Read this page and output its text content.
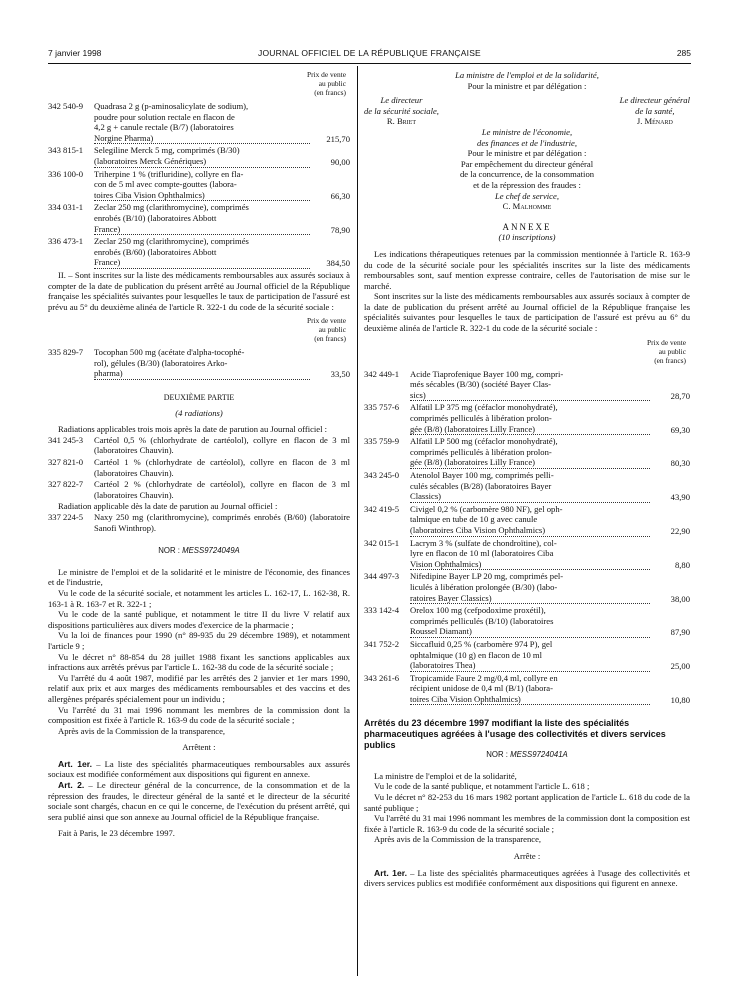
7 janvier 1998	JOURNAL OFFICIEL DE LA RÉPUBLIQUE FRANÇAISE	285
Prix de vente
au public
(en francs)
342 540-9	Quadrasa 2 g (p-aminosalicylate de sodium),
poudre pour solution rectale en flacon de
4,2 g + canule rectale (B/7) (laboratoires
Norgine Pharma)	215,70
343 815-1	Selegiline Merck 5 mg, comprimés (B/30)
(laboratoires Merck Génériques)	90,00
336 100-0	Triherpine 1 % (trifluridine), collyre en fla-
con de 5 ml avec compte-gouttes (labora-
toires Ciba Vision Ophthalmics)	66,30
334 031-1	Zeclar 250 mg (clarithromycine), comprimés
enrobés (B/10) (laboratoires Abbott
France)	78,90
336 473-1	Zeclar 250 mg (clarithromycine), comprimés
enrobés (B/60) (laboratoires Abbott
France)	384,50

II. – Sont inscrites sur la liste des médicaments remboursables aux assurés sociaux à compter de la date de publication du présent arrêté au Journal officiel de la République française les spécialités suivantes pour lesquelles le taux de participation de l'assuré est prévu au 5° du deuxième alinéa de l'article R. 322-1 du code de la sécurité sociale :

Prix de vente
au public
(en francs)
335 829-7	Tocophan 500 mg (acétate d'alpha-tocophé-
rol), gélules (B/30) (laboratoires Arko-
pharma)	33,50

DEUXIÈME PARTIE

(4 radiations)

Radiations applicables trois mois après la date de parution au Journal officiel :

341 245-3	Cartéol 0,5 % (chlorhydrate de cartéolol), collyre en flacon de 3 ml (laboratoires Chauvin).
327 821-0	Cartéol 1 % (chlorhydrate de cartéolol), collyre en flacon de 3 ml (laboratoires Chauvin).
327 822-7	Cartéol 2 % (chlorhydrate de cartéolol), collyre en flacon de 3 ml (laboratoires Chauvin).

Radiation applicable dès la date de parution au Journal officiel :

337 224-5	Naxy 250 mg (clarithromycine), comprimés enrobés (B/60) (laboratoire Sanofi Winthrop).

NOR : MESS9724049A

Le ministre de l'emploi et de la solidarité et le ministre de l'économie, des finances et de l'industrie,

Vu le code de la sécurité sociale, et notamment les articles L. 162-17, L. 162-38, R. 163-1 à R. 163-7 et R. 322-1 ;

Vu le code de la santé publique, et notamment le titre II du livre V relatif aux dispositions particulières aux divers modes d'exercice de la pharmacie ;

Vu la loi de finances pour 1990 (n° 89-935 du 29 décembre 1989), et notamment l'article 9 ;

Vu le décret n° 88-854 du 28 juillet 1988 fixant les sanctions applicables aux infractions aux arrêtés prévus par l'article L. 162-38 du code de la sécurité sociale ;

Vu l'arrêté du 4 août 1987, modifié par les arrêtés des 2 janvier et 1er mars 1990, relatif aux prix et aux marges des médicaments remboursables et des vaccins et des allergènes préparés spécialement pour un individu ;

Vu l'arrêté du 31 mai 1996 nommant les membres de la commission dont la composition est fixée à l'article R. 163-9 du code de la sécurité sociale ;

Après avis de la Commission de la transparence,

Arrêtent :

Art. 1er. – La liste des spécialités pharmaceutiques remboursables aux assurés sociaux est modifiée conformément aux dispositions qui figurent en annexe.

Art. 2. – Le directeur général de la concurrence, de la consommation et de la répression des fraudes, le directeur général de la santé et le directeur de la sécurité sociale sont chargés, chacun en ce qui le concerne, de l'exécution du présent arrêté, qui sera publié ainsi que son annexe au Journal officiel de la République française.

Fait à Paris, le 23 décembre 1997.

La ministre de l'emploi et de la solidarité,

Pour la ministre et par délégation :

Le directeur
de la sécurité sociale,
R. Briet
Le directeur général
de la santé,
J. Ménard
Le ministre de l'économie,
des finances et de l'industrie,
Pour le ministre et par délégation :
Par empêchement du directeur général
de la concurrence, de la consommation
et de la répression des fraudes :
Le chef de service,
C. Malhomme

ANNEXE

(10 inscriptions)

Les indications thérapeutiques retenues par la commission mentionnée à l'article R. 163-9 du code de la sécurité sociale pour les spécialités inscrites sur la liste des médicaments remboursables sont, sauf mention expresse contraire, celles de l'autorisation de mise sur le marché.

Sont inscrites sur la liste des médicaments remboursables aux assurés sociaux à compter de la date de publication du présent arrêté au Journal officiel de la République française les spécialités suivantes pour lesquelles le taux de participation de l'assuré est prévu au 6° du deuxième alinéa de l'article R. 322-1 du code de la sécurité sociale :

Prix de vente
au public
(en francs)
342 449-1	Acide Tiaprofenique Bayer 100 mg, compri-
més sécables (B/30) (société Bayer Clas-
sics)	28,70
335 757-6	Alfatil LP 375 mg (céfaclor monohydraté),
comprimés pelliculés à libération prolon-
gée (B/8) (laboratoires Lilly France)	69,30
335 759-9	Alfatil LP 500 mg (céfaclor monohydraté),
comprimés pelliculés à libération prolon-
gée (B/8) (laboratoires Lilly France)	80,30
343 245-0	Atenolol Bayer 100 mg, comprimés pelli-
culés sécables (B/28) (laboratoires Bayer
Classics)	43,90
342 419-5	Civigel 0,2 % (carbomère 980 NF), gel oph-
talmique en tube de 10 g avec canule
(laboratoires Ciba Vision Ophthalmics)	22,90
342 015-1	Lacrym 3 % (sulfate de chondroïtine), col-
lyre en flacon de 10 ml (laboratoires Ciba
Vision Ophthalmics)	8,80
344 497-3	Nifedipine Bayer LP 20 mg, comprimés pel-
liculés à libération prolongée (B/30) (labo-
ratoires Bayer Classics)	38,00
333 142-4	Orelox 100 mg (cefpodoxime proxétil),
comprimés pelliculés (B/10) (laboratoires
Roussel Diamant)	87,90
341 752-2	Siccafluid 0,25 % (carbomère 974 P), gel
ophtalmique (10 g) en flacon de 10 ml
(laboratoires Thea)	25,00
343 261-6	Tropicamide Faure 2 mg/0,4 ml, collyre en
récipient unidose de 0,4 ml (B/1) (labora-
toires Ciba Vision Ophthalmics)	10,80

Arrêtés du 23 décembre 1997 modifiant la liste des spécialités pharmaceutiques agréées à l'usage des collectivités et divers services publics

NOR : MESS9724041A

La ministre de l'emploi et de la solidarité,

Vu le code de la santé publique, et notamment l'article L. 618 ;

Vu le décret n° 82-253 du 16 mars 1982 portant application de l'article L. 618 du code de la santé publique ;

Vu l'arrêté du 31 mai 1996 nommant les membres de la commission dont la composition est fixée à l'article R. 163-9 du code de la sécurité sociale ;

Après avis de la Commission de la transparence,

Arrête :

Art. 1er. – La liste des spécialités pharmaceutiques agréées à l'usage des collectivités et divers services publics est modifiée conformément aux dispositions qui figurent en annexe.
